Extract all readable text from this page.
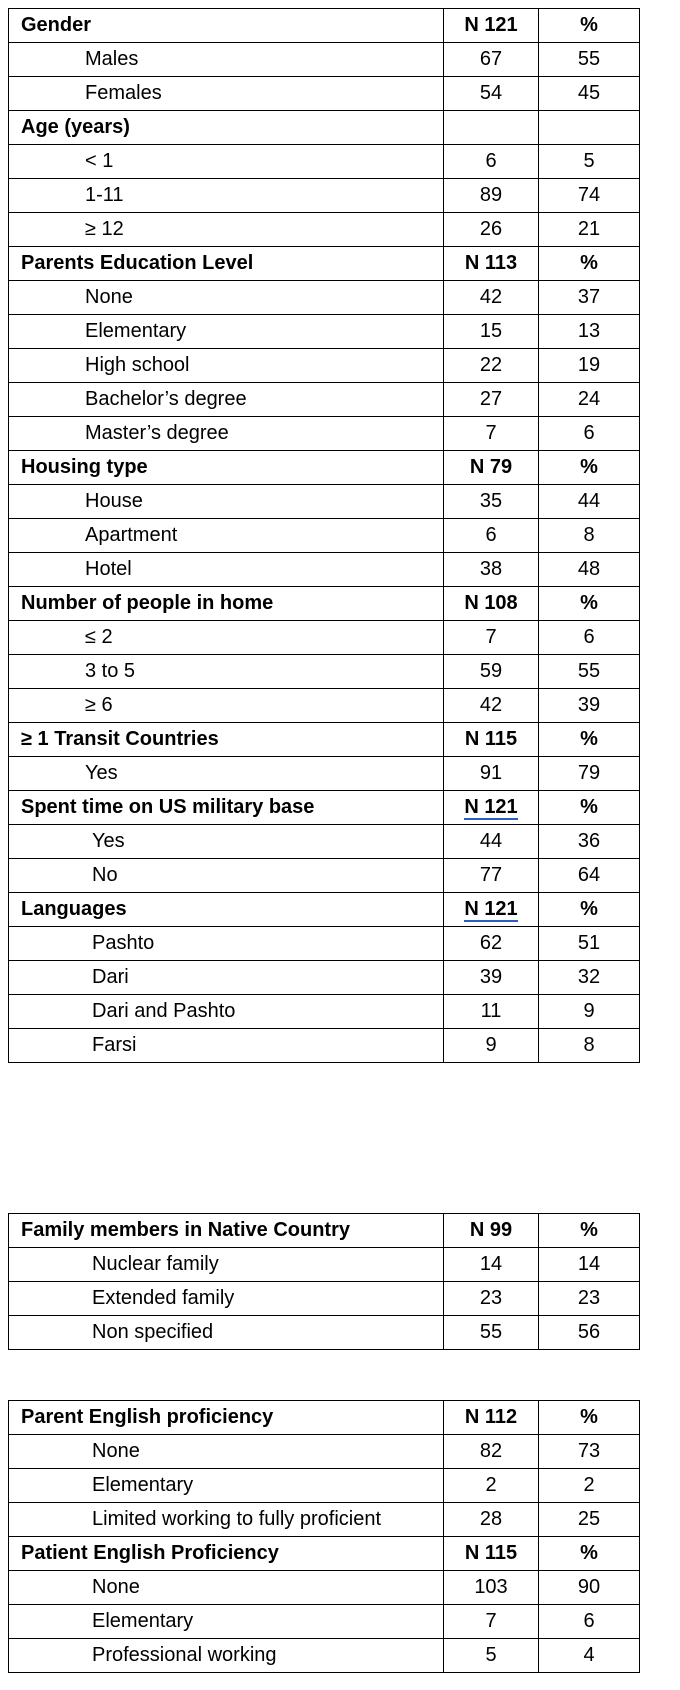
Gender	N 121	%
Males	67	55
Females	54	45
Age (years)		
< 1	6	5
1-11	89	74
≥ 12	26	21
Parents Education Level	N 113	%
None	42	37
Elementary	15	13
High school	22	19
Bachelor’s degree	27	24
Master’s degree	7	6
Housing type	N 79	%
House	35	44
Apartment	6	8
Hotel	38	48
Number of people in home	N 108	%
≤ 2	7	6
3 to 5	59	55
≥ 6	42	39
≥ 1 Transit Countries	N 115	%
Yes	91	79
Spent time on US military base	N 121	%
Yes	44	36
No	77	64
Languages	N 121	%
Pashto	62	51
Dari	39	32
Dari and Pashto	11	9
Farsi	9	8
Family members in Native Country	N 99	%
Nuclear family	14	14
Extended family	23	23
Non specified	55	56
Parent English proficiency	N 112	%
None	82	73
Elementary	2	2
Limited working to fully proficient	28	25
Patient English Proficiency	N 115	%
None	103	90
Elementary	7	6
Professional working	5	4
